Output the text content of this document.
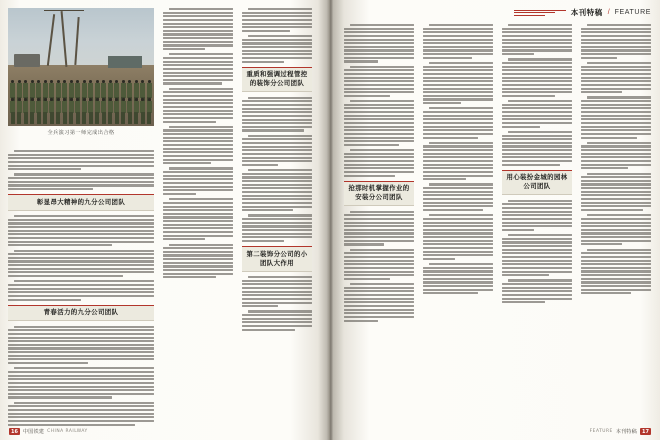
全兵演习第一师完成出合格
彰显昂大精神的九分公司团队
青春活力的九分公司团队
重质和强调过程管控的装饰分公司团队
第二装饰分公司的小团队大作用
16	中国铁建 CHINA RAILWAY
本刊特稿 / FEATURE
抢那时机掌握作业的安装分公司团队
用心装扮金城的园林公司团队
FEATURE 本刊特稿	17
